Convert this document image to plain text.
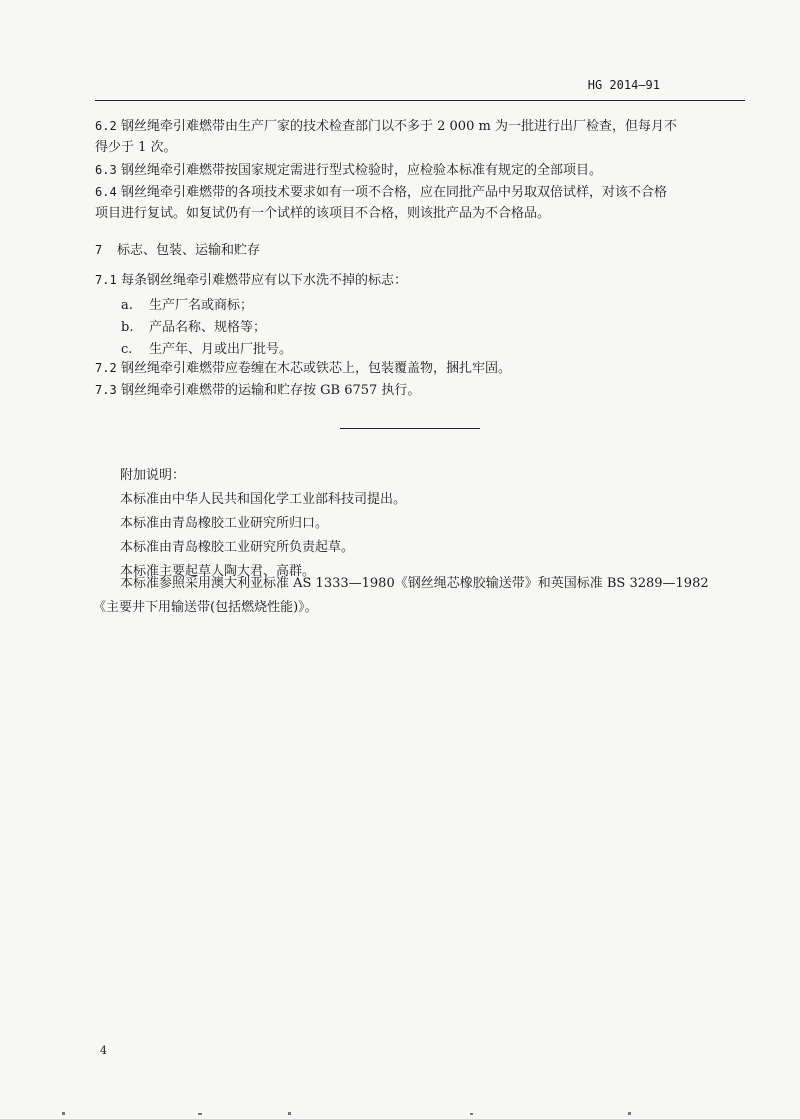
HG 2014—91
6.2 钢丝绳牵引难燃带由生产厂家的技术检查部门以不多于 2 000 m 为一批进行出厂检查，但每月不
得少于 1 次。
6.3 钢丝绳牵引难燃带按国家规定需进行型式检验时，应检验本标准有规定的全部项目。
6.4 钢丝绳牵引难燃带的各项技术要求如有一项不合格，应在同批产品中另取双倍试样，对该不合格
项目进行复试。如复试仍有一个试样的该项目不合格，则该批产品为不合格品。
7 标志、包装、运输和贮存
7.1 每条钢丝绳牵引难燃带应有以下水洗不掉的标志：
a. 生产厂名或商标；
b. 产品名称、规格等；
c. 生产年、月或出厂批号。
7.2 钢丝绳牵引难燃带应卷缠在木芯或铁芯上，包装覆盖物，捆扎牢固。
7.3 钢丝绳牵引难燃带的运输和贮存按 GB 6757 执行。
附加说明：
本标准由中华人民共和国化学工业部科技司提出。
本标准由青岛橡胶工业研究所归口。
本标准由青岛橡胶工业研究所负责起草。
本标准主要起草人陶大君、高群。
本标准参照采用澳大利亚标准 AS 1333—1980《钢丝绳芯橡胶输送带》和英国标准 BS 3289—1982
《主要井下用输送带(包括燃烧性能)》。
4
